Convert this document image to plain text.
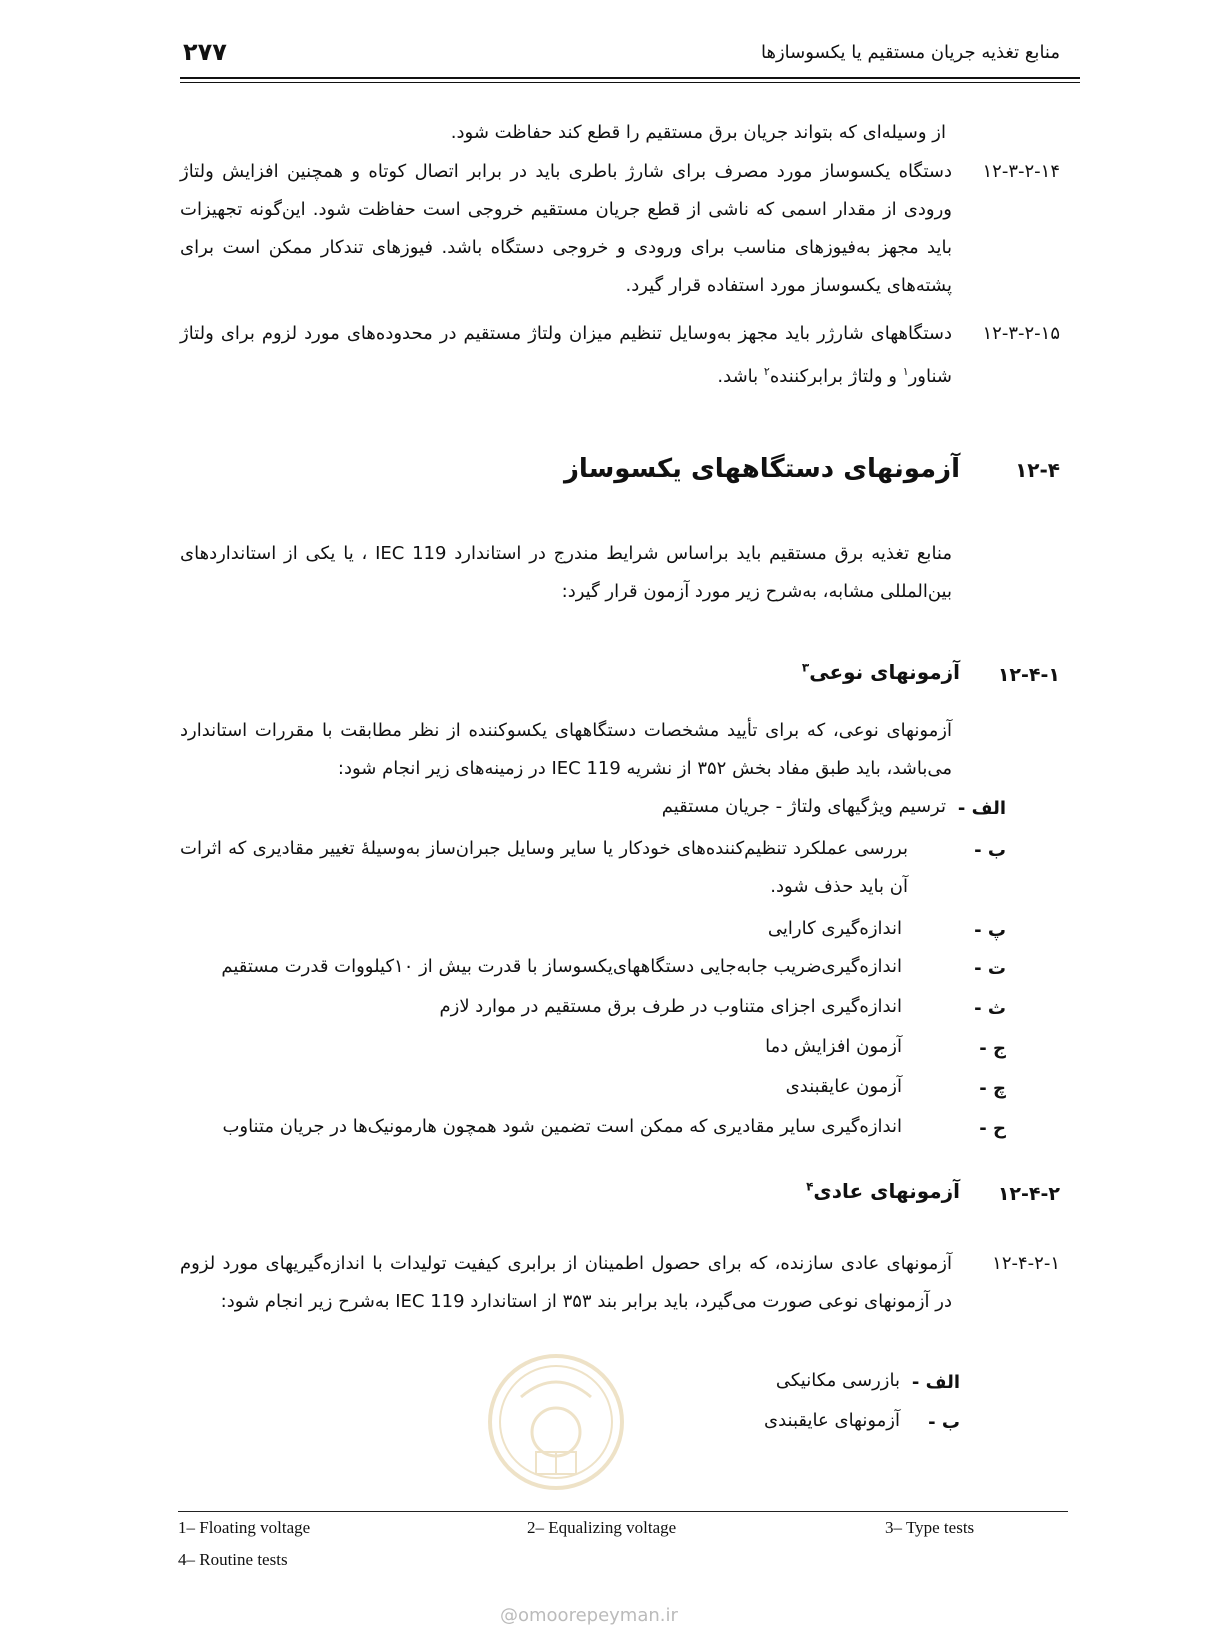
۲۷۷	منابع تغذیه جریان مستقیم یا یکسوسازها
از وسیله‌ای که بتواند جریان برق مستقیم را قطع کند حفاظت شود.
۱۲-۳-۲-۱۴
دستگاه یکسوساز مورد مصرف برای شارژ باطری باید در برابر اتصال کوتاه و همچنین افزایش ولتاژ ورودی از مقدار اسمی که ناشی از قطع جریان مستقیم خروجی است حفاظت شود. این‌گونه تجهیزات باید مجهز به‌فیوزهای مناسب برای ورودی و خروجی دستگاه باشد. فیوزهای تندکار ممکن است برای پشته‌های یکسوساز مورد استفاده قرار گیرد.
۱۲-۳-۲-۱۵
دستگاههای شارژر باید مجهز به‌وسایل تنظیم میزان ولتاژ مستقیم در محدوده‌های مورد لزوم برای ولتاژ شناور$^۱$ و ولتاژ برابرکننده$^۲$ باشد.
۱۲-۴
آزمونهای دستگاههای یکسوساز
منابع تغذیه برق مستقیم باید براساس شرایط مندرج در استاندارد IEC 119 ، یا یکی از استانداردهای بین‌المللی مشابه، به‌شرح زیر مورد آزمون قرار گیرد:
۱۲-۴-۱
آزمونهای نوعی$^۳$
آزمونهای نوعی، که برای تأیید مشخصات دستگاههای یکسوکننده از نظر مطابقت با مقررات استاندارد می‌باشد، باید طبق مفاد بخش ۳۵۲ از نشریه IEC 119 در زمینه‌های زیر انجام شود:
الف -
ترسیم ویژگیهای ولتاژ - جریان مستقیم
ب -
بررسی عملکرد تنظیم‌کننده‌های خودکار یا سایر وسایل جبران‌ساز به‌وسیلهٔ تغییر مقادیری که اثرات آن باید حذف شود.
پ -
اندازه‌گیری کارایی
ت -
اندازه‌گیری‌ضریب جابه‌جایی دستگاههای‌یکسوساز با قدرت بیش از ۱۰کیلووات قدرت مستقیم
ث -
اندازه‌گیری اجزای متناوب در طرف برق مستقیم در موارد لازم
ج -
آزمون افزایش دما
چ -
آزمون عایقبندی
ح -
اندازه‌گیری سایر مقادیری که ممکن است تضمین شود همچون هارمونیک‌ها در جریان متناوب
۱۲-۴-۲
آزمونهای عادی$^۴$
۱۲-۴-۲-۱
آزمونهای عادی سازنده، که برای حصول اطمینان از برابری کیفیت تولیدات با اندازه‌گیریهای مورد لزوم در آزمونهای نوعی صورت می‌گیرد، باید برابر بند ۳۵۳ از استاندارد IEC 119 به‌شرح زیر انجام شود:
الف -
بازرسی مکانیکی
ب -
آزمونهای عایقبندی
1– Floating voltage	2– Equalizing voltage	3– Type tests
4– Routine tests
@omoorepeyman.ir
